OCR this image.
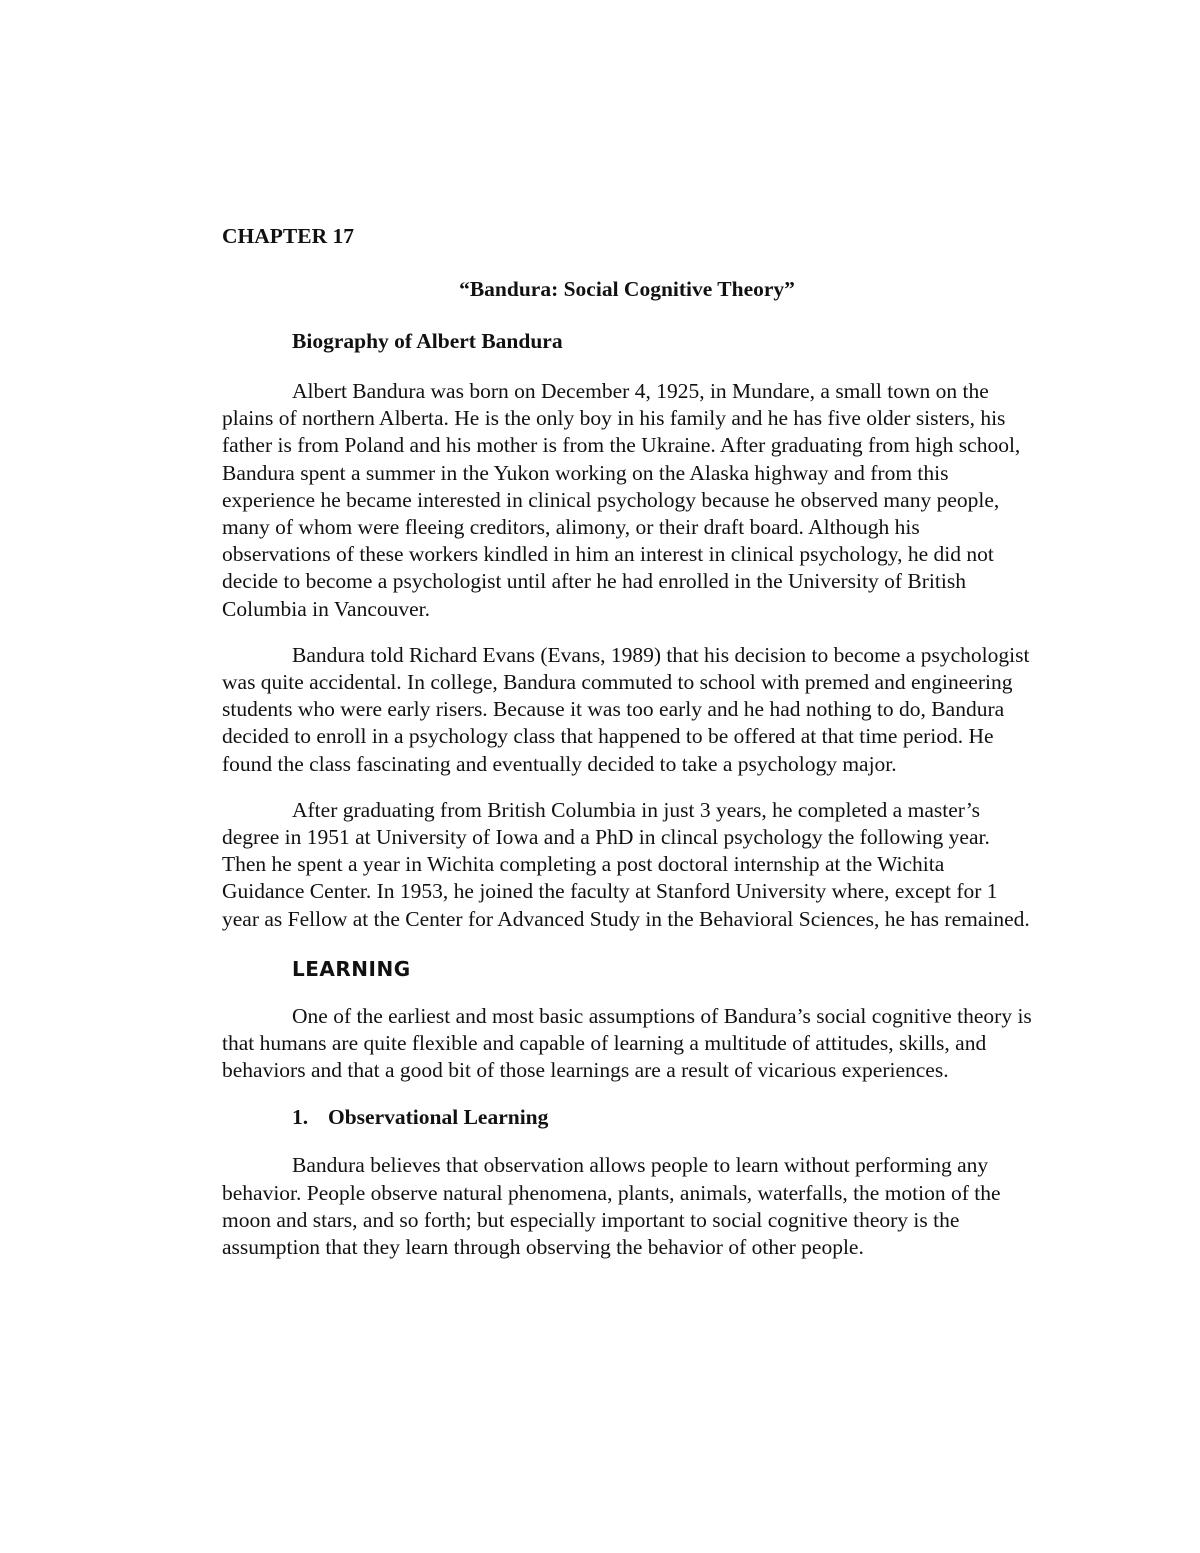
CHAPTER 17
“Bandura: Social Cognitive Theory”
Biography of Albert Bandura

Albert Bandura was born on December 4, 1925, in Mundare, a small town on the plains of northern Alberta. He is the only boy in his family and he has five older sisters, his father is from Poland and his mother is from the Ukraine. After graduating from high school, Bandura spent a summer in the Yukon working on the Alaska highway and from this experience he became interested in clinical psychology because he observed many people, many of whom were fleeing creditors, alimony, or their draft board. Although his observations of these workers kindled in him an interest in clinical psychology, he did not decide to become a psychologist until after he had enrolled in the University of British Columbia in Vancouver.

Bandura told Richard Evans (Evans, 1989) that his decision to become a psychologist was quite accidental. In college, Bandura commuted to school with premed and engineering students who were early risers. Because it was too early and he had nothing to do, Bandura decided to enroll in a psychology class that happened to be offered at that time period. He found the class fascinating and eventually decided to take a psychology major.

After graduating from British Columbia in just 3 years, he completed a master’s degree in 1951 at University of Iowa and a PhD in clincal psychology the following year. Then he spent a year in Wichita completing a post doctoral internship at the Wichita Guidance Center. In 1953, he joined the faculty at Stanford University where, except for 1 year as Fellow at the Center for Advanced Study in the Behavioral Sciences, he has remained.

LEARNING

One of the earliest and most basic assumptions of Bandura’s social cognitive theory is that humans are quite flexible and capable of learning a multitude of attitudes, skills, and behaviors and that a good bit of those learnings are a result of vicarious experiences.

1. Observational Learning

Bandura believes that observation allows people to learn without performing any behavior. People observe natural phenomena, plants, animals, waterfalls, the motion of the moon and stars, and so forth; but especially important to social cognitive theory is the assumption that they learn through observing the behavior of other people.
